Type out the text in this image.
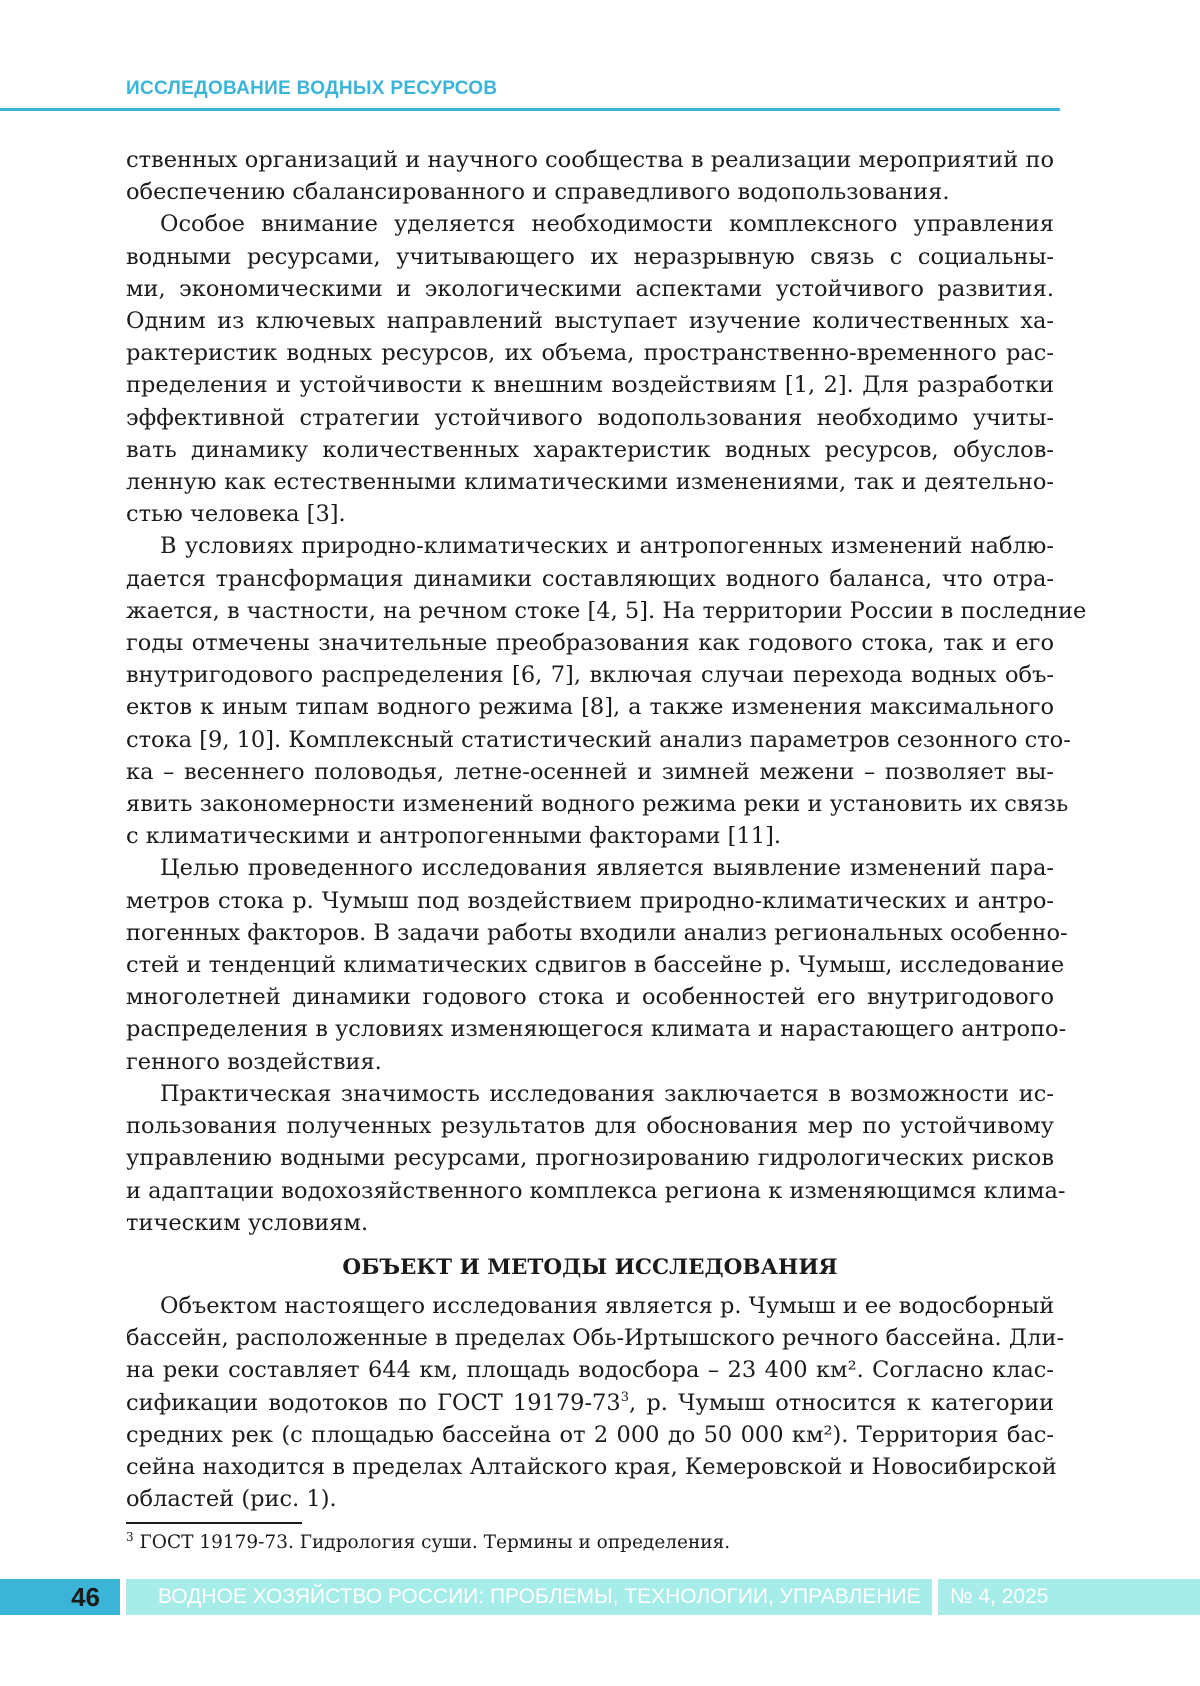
ИССЛЕДОВАНИЕ ВОДНЫХ РЕСУРСОВ
ственных организаций и научного сообщества в реализации мероприятий по
обеспечению сбалансированного и справедливого водопользования.
Особое внимание уделяется необходимости комплексного управления
водными ресурсами, учитывающего их неразрывную связь с социальны-
ми, экономическими и экологическими аспектами устойчивого развития.
Одним из ключевых направлений выступает изучение количественных ха-
рактеристик водных ресурсов, их объема, пространственно-временного рас-
пределения и устойчивости к внешним воздействиям [1, 2]. Для разработки
эффективной стратегии устойчивого водопользования необходимо учиты-
вать динамику количественных характеристик водных ресурсов, обуслов-
ленную как естественными климатическими изменениями, так и деятельно-
стью человека [3].
В условиях природно-климатических и антропогенных изменений наблю-
дается трансформация динамики составляющих водного баланса, что отра-
жается, в частности, на речном стоке [4, 5]. На территории России в последние
годы отмечены значительные преобразования как годового стока, так и его
внутригодового распределения [6, 7], включая случаи перехода водных объ-
ектов к иным типам водного режима [8], а также изменения максимального
стока [9, 10]. Комплексный статистический анализ параметров сезонного сто-
ка – весеннего половодья, летне-осенней и зимней межени – позволяет вы-
явить закономерности изменений водного режима реки и установить их связь
с климатическими и антропогенными факторами [11].
Целью проведенного исследования является выявление изменений пара-
метров стока р. Чумыш под воздействием природно-климатических и антро-
погенных факторов. В задачи работы входили анализ региональных особенно-
стей и тенденций климатических сдвигов в бассейне р. Чумыш, исследование
многолетней динамики годового стока и особенностей его внутригодового
распределения в условиях изменяющегося климата и нарастающего антропо-
генного воздействия.
Практическая значимость исследования заключается в возможности ис-
пользования полученных результатов для обоснования мер по устойчивому
управлению водными ресурсами, прогнозированию гидрологических рисков
и адаптации водохозяйственного комплекса региона к изменяющимся клима-
тическим условиям.
ОБЪЕКТ И МЕТОДЫ ИССЛЕДОВАНИЯ
Объектом настоящего исследования является р. Чумыш и ее водосборный
бассейн, расположенные в пределах Обь-Иртышского речного бассейна. Дли-
на реки составляет 644 км, площадь водосбора – 23 400 км². Согласно клас-
сификации водотоков по ГОСТ $19179-73^3$, р. Чумыш относится к категории
средних рек (с площадью бассейна от 2 000 до 50 000 км²). Территория бас-
сейна находится в пределах Алтайского края, Кемеровской и Новосибирской
областей (рис. 1).
$^3$ ГОСТ 19179-73. Гидрология суши. Термины и определения.
46	ВОДНОЕ ХОЗЯЙСТВО РОССИИ: ПРОБЛЕМЫ, ТЕХНОЛОГИИ, УПРАВЛЕНИЕ № 4, 2025
